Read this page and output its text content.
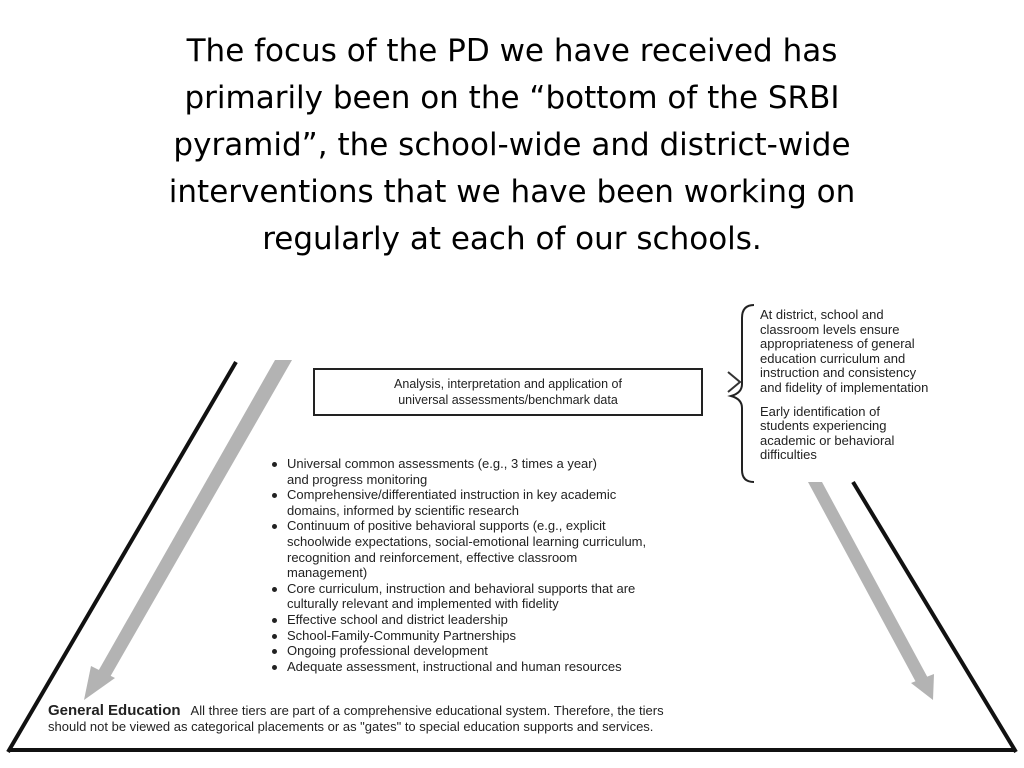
The focus of the PD we have received has
primarily been on the “bottom of the SRBI
pyramid”, the school-wide and district-wide
interventions that we have been working on
regularly at each of our schools.
Analysis, interpretation and application of
universal assessments/benchmark data
At district, school and
classroom levels ensure
appropriateness of general
education curriculum and
instruction and consistency
and fidelity of implementation
Early identification of
students experiencing
academic or behavioral
difficulties
Universal common assessments (e.g., 3 times a year)
and progress monitoring
Comprehensive/differentiated instruction in key academic
domains, informed by scientific research
Continuum of positive behavioral supports (e.g., explicit
schoolwide expectations, social-emotional learning curriculum,
recognition and reinforcement, effective classroom
management)
Core curriculum, instruction and behavioral supports that are
culturally relevant and implemented with fidelity
Effective school and district leadership
School-Family-Community Partnerships
Ongoing professional development
Adequate assessment, instructional and human resources
General Education All three tiers are part of a comprehensive educational system. Therefore, the tiers
should not be viewed as categorical placements or as "gates" to special education supports and services.
